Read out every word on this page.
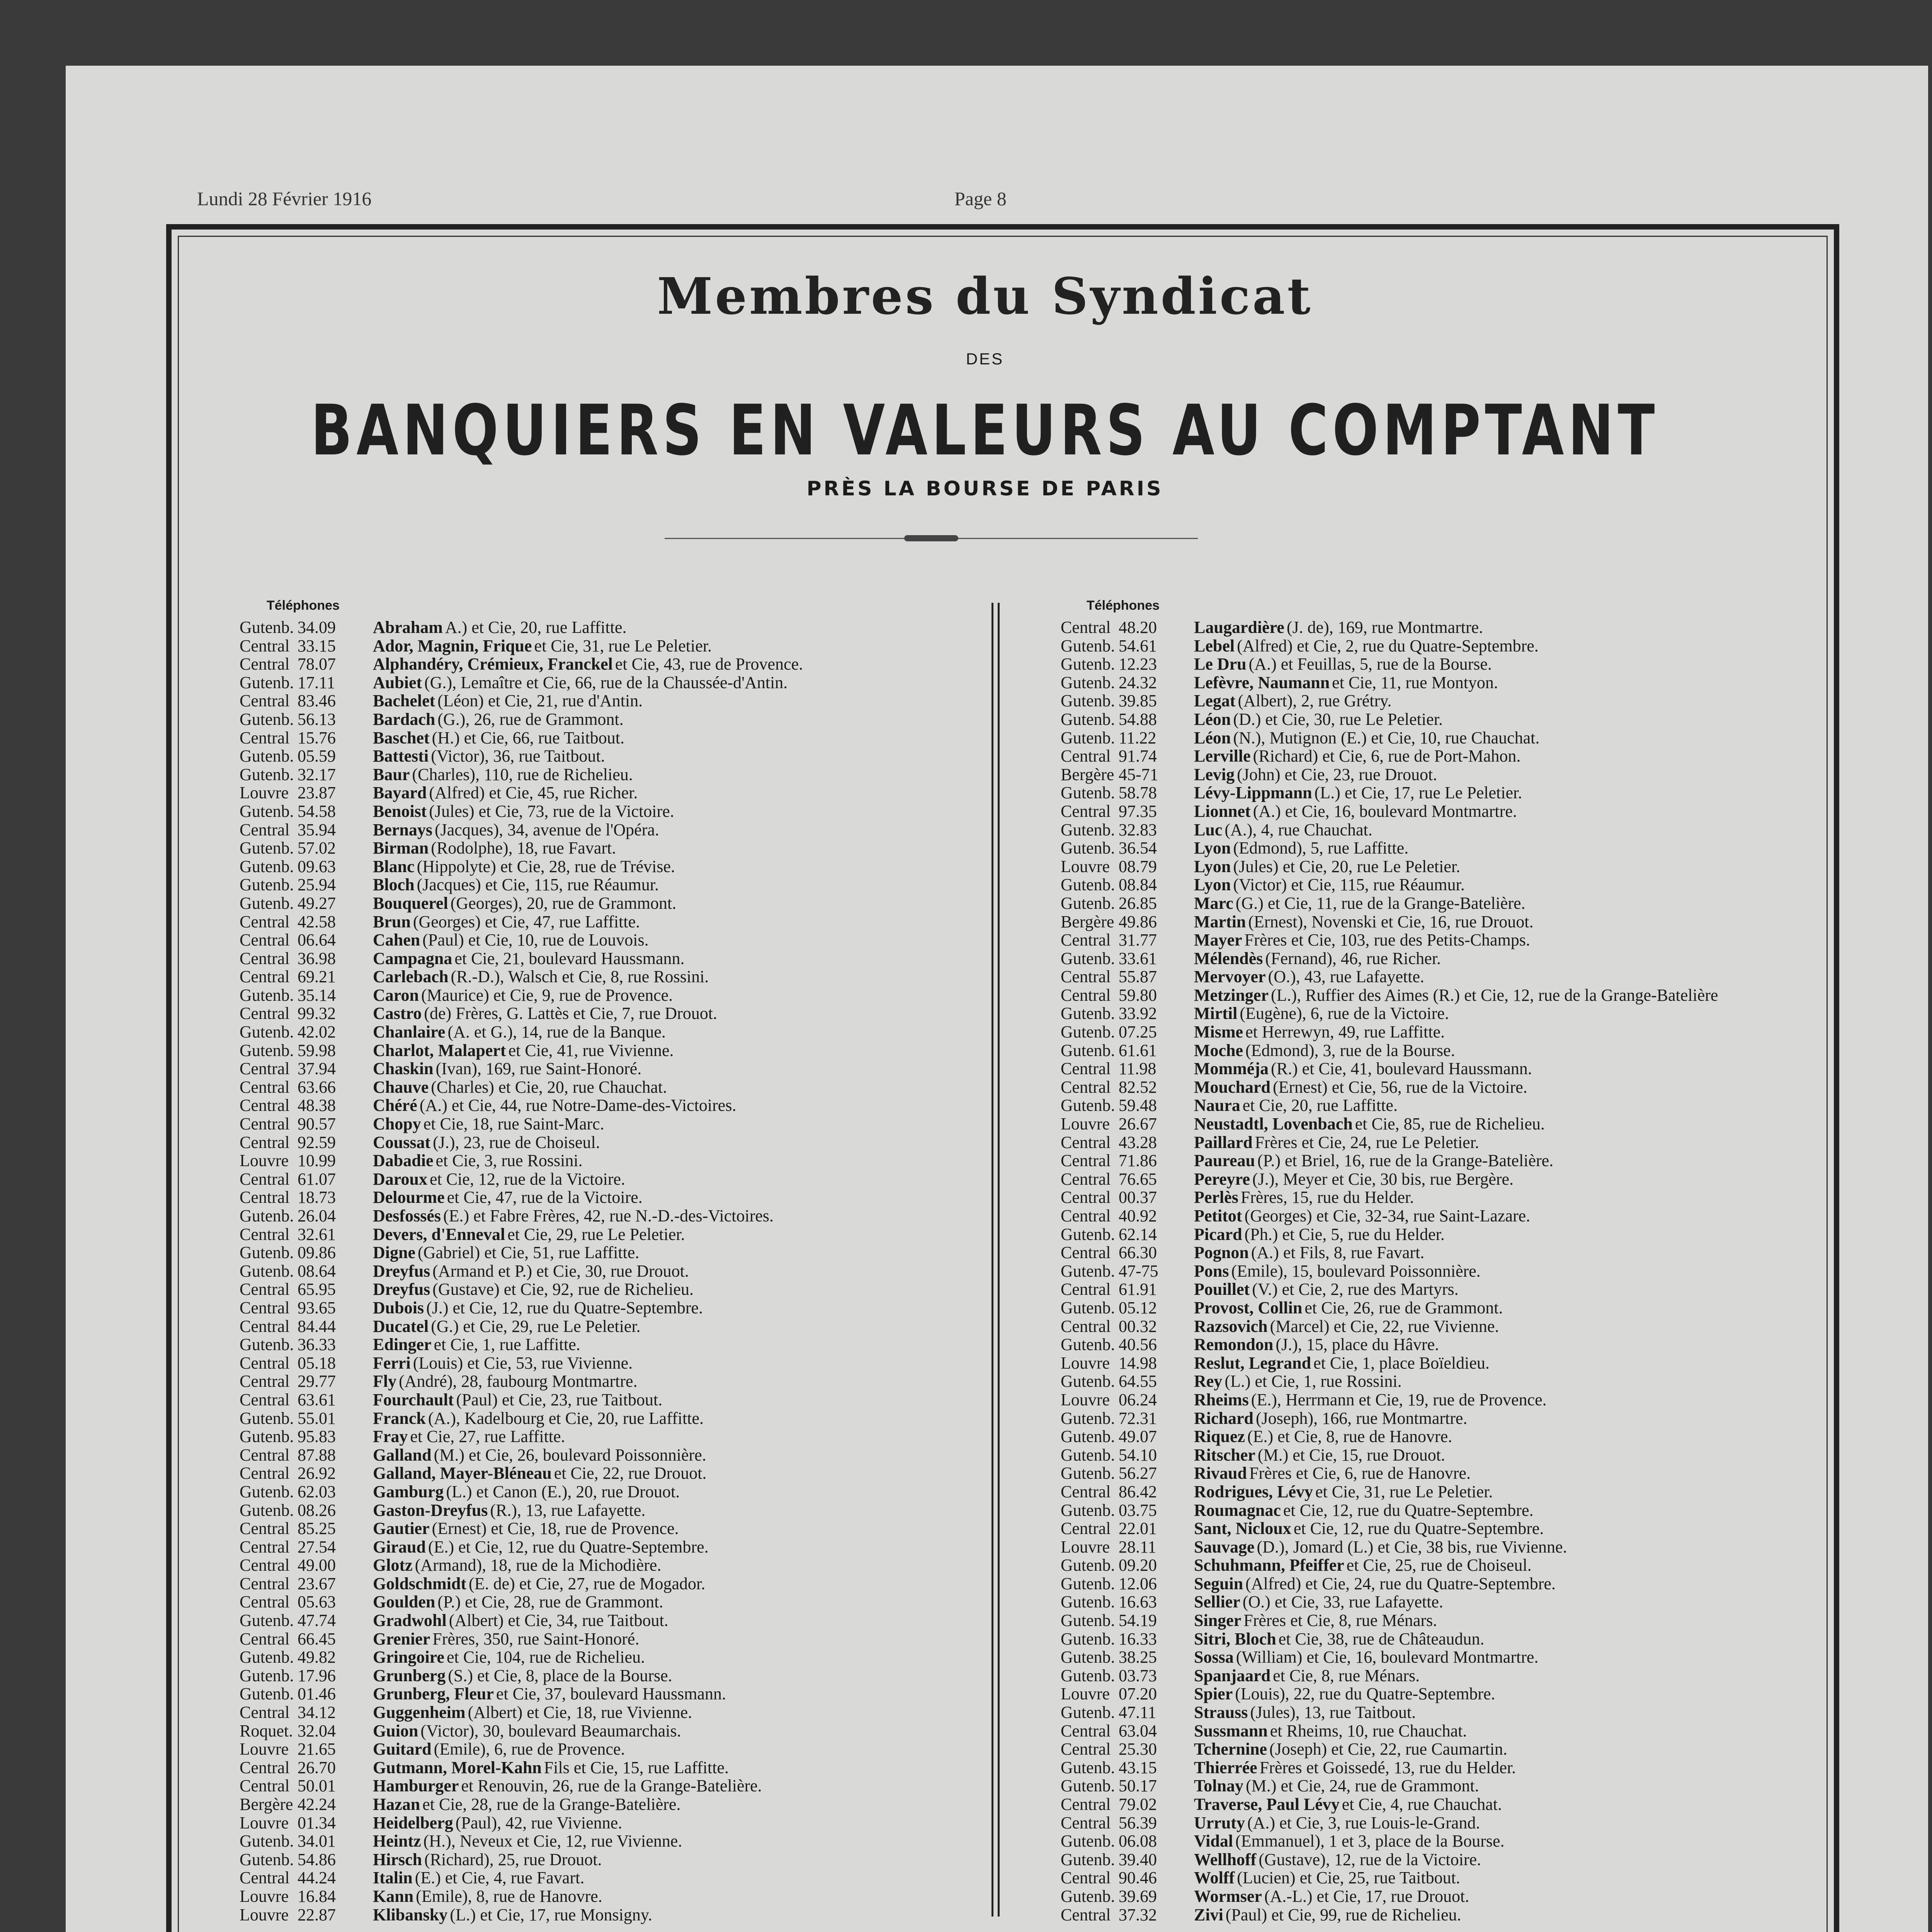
Lundi 28 Février 1916	Page 8
Membres du Syndicat
DES
BANQUIERS EN VALEURS AU COMPTANT
PRÈS LA BOURSE DE PARIS
Téléphones	Téléphones
Gutenb. 34.09	Abraham A.) et Cie, 20, rue Laffitte.
Central 33.15	Ador, Magnin, Frique et Cie, 31, rue Le Peletier.
Central 78.07	Alphandéry, Crémieux, Franckel et Cie, 43, rue de Provence.
Gutenb. 17.11	Aubiet (G.), Lemaître et Cie, 66, rue de la Chaussée-d'Antin.
Central 83.46	Bachelet (Léon) et Cie, 21, rue d'Antin.
Gutenb. 56.13	Bardach (G.), 26, rue de Grammont.
Central 15.76	Baschet (H.) et Cie, 66, rue Taitbout.
Gutenb. 05.59	Battesti (Victor), 36, rue Taitbout.
Gutenb. 32.17	Baur (Charles), 110, rue de Richelieu.
Louvre 23.87	Bayard (Alfred) et Cie, 45, rue Richer.
Gutenb. 54.58	Benoist (Jules) et Cie, 73, rue de la Victoire.
Central 35.94	Bernays (Jacques), 34, avenue de l'Opéra.
Gutenb. 57.02	Birman (Rodolphe), 18, rue Favart.
Gutenb. 09.63	Blanc (Hippolyte) et Cie, 28, rue de Trévise.
Gutenb. 25.94	Bloch (Jacques) et Cie, 115, rue Réaumur.
Gutenb. 49.27	Bouquerel (Georges), 20, rue de Grammont.
Central 42.58	Brun (Georges) et Cie, 47, rue Laffitte.
Central 06.64	Cahen (Paul) et Cie, 10, rue de Louvois.
Central 36.98	Campagna et Cie, 21, boulevard Haussmann.
Central 69.21	Carlebach (R.-D.), Walsch et Cie, 8, rue Rossini.
Gutenb. 35.14	Caron (Maurice) et Cie, 9, rue de Provence.
Central 99.32	Castro (de) Frères, G. Lattès et Cie, 7, rue Drouot.
Gutenb. 42.02	Chanlaire (A. et G.), 14, rue de la Banque.
Gutenb. 59.98	Charlot, Malapert et Cie, 41, rue Vivienne.
Central 37.94	Chaskin (Ivan), 169, rue Saint-Honoré.
Central 63.66	Chauve (Charles) et Cie, 20, rue Chauchat.
Central 48.38	Chéré (A.) et Cie, 44, rue Notre-Dame-des-Victoires.
Central 90.57	Chopy et Cie, 18, rue Saint-Marc.
Central 92.59	Coussat (J.), 23, rue de Choiseul.
Louvre 10.99	Dabadie et Cie, 3, rue Rossini.
Central 61.07	Daroux et Cie, 12, rue de la Victoire.
Central 18.73	Delourme et Cie, 47, rue de la Victoire.
Gutenb. 26.04	Desfossés (E.) et Fabre Frères, 42, rue N.-D.-des-Victoires.
Central 32.61	Devers, d'Enneval et Cie, 29, rue Le Peletier.
Gutenb. 09.86	Digne (Gabriel) et Cie, 51, rue Laffitte.
Gutenb. 08.64	Dreyfus (Armand et P.) et Cie, 30, rue Drouot.
Central 65.95	Dreyfus (Gustave) et Cie, 92, rue de Richelieu.
Central 93.65	Dubois (J.) et Cie, 12, rue du Quatre-Septembre.
Central 84.44	Ducatel (G.) et Cie, 29, rue Le Peletier.
Gutenb. 36.33	Edinger et Cie, 1, rue Laffitte.
Central 05.18	Ferri (Louis) et Cie, 53, rue Vivienne.
Central 29.77	Fly (André), 28, faubourg Montmartre.
Central 63.61	Fourchault (Paul) et Cie, 23, rue Taitbout.
Gutenb. 55.01	Franck (A.), Kadelbourg et Cie, 20, rue Laffitte.
Gutenb. 95.83	Fray et Cie, 27, rue Laffitte.
Central 87.88	Galland (M.) et Cie, 26, boulevard Poissonnière.
Central 26.92	Galland, Mayer-Bléneau et Cie, 22, rue Drouot.
Gutenb. 62.03	Gamburg (L.) et Canon (E.), 20, rue Drouot.
Gutenb. 08.26	Gaston-Dreyfus (R.), 13, rue Lafayette.
Central 85.25	Gautier (Ernest) et Cie, 18, rue de Provence.
Central 27.54	Giraud (E.) et Cie, 12, rue du Quatre-Septembre.
Central 49.00	Glotz (Armand), 18, rue de la Michodière.
Central 23.67	Goldschmidt (E. de) et Cie, 27, rue de Mogador.
Central 05.63	Goulden (P.) et Cie, 28, rue de Grammont.
Gutenb. 47.74	Gradwohl (Albert) et Cie, 34, rue Taitbout.
Central 66.45	Grenier Frères, 350, rue Saint-Honoré.
Gutenb. 49.82	Gringoire et Cie, 104, rue de Richelieu.
Gutenb. 17.96	Grunberg (S.) et Cie, 8, place de la Bourse.
Gutenb. 01.46	Grunberg, Fleur et Cie, 37, boulevard Haussmann.
Central 34.12	Guggenheim (Albert) et Cie, 18, rue Vivienne.
Roquet. 32.04	Guion (Victor), 30, boulevard Beaumarchais.
Louvre 21.65	Guitard (Emile), 6, rue de Provence.
Central 26.70	Gutmann, Morel-Kahn Fils et Cie, 15, rue Laffitte.
Central 50.01	Hamburger et Renouvin, 26, rue de la Grange-Batelière.
Bergère 42.24	Hazan et Cie, 28, rue de la Grange-Batelière.
Louvre 01.34	Heidelberg (Paul), 42, rue Vivienne.
Gutenb. 34.01	Heintz (H.), Neveux et Cie, 12, rue Vivienne.
Gutenb. 54.86	Hirsch (Richard), 25, rue Drouot.
Central 44.24	Italin (E.) et Cie, 4, rue Favart.
Louvre 16.84	Kann (Emile), 8, rue de Hanovre.
Louvre 22.87	Klibansky (L.) et Cie, 17, rue Monsigny.
Central 48.20	Laugardière (J. de), 169, rue Montmartre.
Gutenb. 54.61	Lebel (Alfred) et Cie, 2, rue du Quatre-Septembre.
Gutenb. 12.23	Le Dru (A.) et Feuillas, 5, rue de la Bourse.
Gutenb. 24.32	Lefèvre, Naumann et Cie, 11, rue Montyon.
Gutenb. 39.85	Legat (Albert), 2, rue Grétry.
Gutenb. 54.88	Léon (D.) et Cie, 30, rue Le Peletier.
Gutenb. 11.22	Léon (N.), Mutignon (E.) et Cie, 10, rue Chauchat.
Central 91.74	Lerville (Richard) et Cie, 6, rue de Port-Mahon.
Bergère 45-71	Levig (John) et Cie, 23, rue Drouot.
Gutenb. 58.78	Lévy-Lippmann (L.) et Cie, 17, rue Le Peletier.
Central 97.35	Lionnet (A.) et Cie, 16, boulevard Montmartre.
Gutenb. 32.83	Luc (A.), 4, rue Chauchat.
Gutenb. 36.54	Lyon (Edmond), 5, rue Laffitte.
Louvre 08.79	Lyon (Jules) et Cie, 20, rue Le Peletier.
Gutenb. 08.84	Lyon (Victor) et Cie, 115, rue Réaumur.
Gutenb. 26.85	Marc (G.) et Cie, 11, rue de la Grange-Batelière.
Bergère 49.86	Martin (Ernest), Novenski et Cie, 16, rue Drouot.
Central 31.77	Mayer Frères et Cie, 103, rue des Petits-Champs.
Gutenb. 33.61	Mélendès (Fernand), 46, rue Richer.
Central 55.87	Mervoyer (O.), 43, rue Lafayette.
Central 59.80	Metzinger (L.), Ruffier des Aimes (R.) et Cie, 12, rue de la Grange-Batelière
Gutenb. 33.92	Mirtil (Eugène), 6, rue de la Victoire.
Gutenb. 07.25	Misme et Herrewyn, 49, rue Laffitte.
Gutenb. 61.61	Moche (Edmond), 3, rue de la Bourse.
Central 11.98	Momméja (R.) et Cie, 41, boulevard Haussmann.
Central 82.52	Mouchard (Ernest) et Cie, 56, rue de la Victoire.
Gutenb. 59.48	Naura et Cie, 20, rue Laffitte.
Louvre 26.67	Neustadtl, Lovenbach et Cie, 85, rue de Richelieu.
Central 43.28	Paillard Frères et Cie, 24, rue Le Peletier.
Central 71.86	Paureau (P.) et Briel, 16, rue de la Grange-Batelière.
Central 76.65	Pereyre (J.), Meyer et Cie, 30 bis, rue Bergère.
Central 00.37	Perlès Frères, 15, rue du Helder.
Central 40.92	Petitot (Georges) et Cie, 32-34, rue Saint-Lazare.
Gutenb. 62.14	Picard (Ph.) et Cie, 5, rue du Helder.
Central 66.30	Pognon (A.) et Fils, 8, rue Favart.
Gutenb. 47-75	Pons (Emile), 15, boulevard Poissonnière.
Central 61.91	Pouillet (V.) et Cie, 2, rue des Martyrs.
Gutenb. 05.12	Provost, Collin et Cie, 26, rue de Grammont.
Central 00.32	Razsovich (Marcel) et Cie, 22, rue Vivienne.
Gutenb. 40.56	Remondon (J.), 15, place du Hâvre.
Louvre 14.98	Reslut, Legrand et Cie, 1, place Boïeldieu.
Gutenb. 64.55	Rey (L.) et Cie, 1, rue Rossini.
Louvre 06.24	Rheims (E.), Herrmann et Cie, 19, rue de Provence.
Gutenb. 72.31	Richard (Joseph), 166, rue Montmartre.
Gutenb. 49.07	Riquez (E.) et Cie, 8, rue de Hanovre.
Gutenb. 54.10	Ritscher (M.) et Cie, 15, rue Drouot.
Gutenb. 56.27	Rivaud Frères et Cie, 6, rue de Hanovre.
Central 86.42	Rodrigues, Lévy et Cie, 31, rue Le Peletier.
Gutenb. 03.75	Roumagnac et Cie, 12, rue du Quatre-Septembre.
Central 22.01	Sant, Nicloux et Cie, 12, rue du Quatre-Septembre.
Louvre 28.11	Sauvage (D.), Jomard (L.) et Cie, 38 bis, rue Vivienne.
Gutenb. 09.20	Schuhmann, Pfeiffer et Cie, 25, rue de Choiseul.
Gutenb. 12.06	Seguin (Alfred) et Cie, 24, rue du Quatre-Septembre.
Gutenb. 16.63	Sellier (O.) et Cie, 33, rue Lafayette.
Gutenb. 54.19	Singer Frères et Cie, 8, rue Ménars.
Gutenb. 16.33	Sitri, Bloch et Cie, 38, rue de Châteaudun.
Gutenb. 38.25	Sossa (William) et Cie, 16, boulevard Montmartre.
Gutenb. 03.73	Spanjaard et Cie, 8, rue Ménars.
Louvre 07.20	Spier (Louis), 22, rue du Quatre-Septembre.
Gutenb. 47.11	Strauss (Jules), 13, rue Taitbout.
Central 63.04	Sussmann et Rheims, 10, rue Chauchat.
Central 25.30	Tchernine (Joseph) et Cie, 22, rue Caumartin.
Gutenb. 43.15	Thierrée Frères et Goissedé, 13, rue du Helder.
Gutenb. 50.17	Tolnay (M.) et Cie, 24, rue de Grammont.
Central 79.02	Traverse, Paul Lévy et Cie, 4, rue Chauchat.
Central 56.39	Urruty (A.) et Cie, 3, rue Louis-le-Grand.
Gutenb. 06.08	Vidal (Emmanuel), 1 et 3, place de la Bourse.
Gutenb. 39.40	Wellhoff (Gustave), 12, rue de la Victoire.
Central 90.46	Wolff (Lucien) et Cie, 25, rue Taitbout.
Gutenb. 39.69	Wormser (A.-L.) et Cie, 17, rue Drouot.
Central 37.32	Zivi (Paul) et Cie, 99, rue de Richelieu.
